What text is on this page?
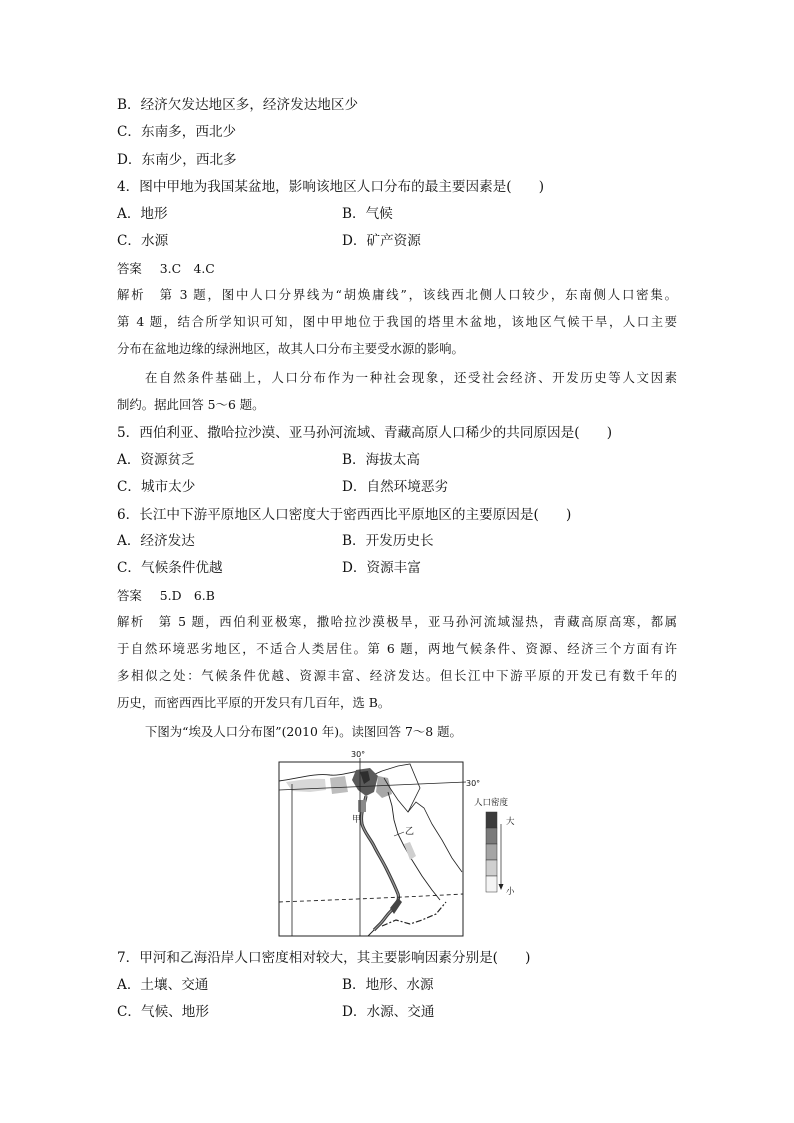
B．经济欠发达地区多，经济发达地区少
C．东南多，西北少
D．东南少，西北多
4．图中甲地为我国某盆地，影响该地区人口分布的最主要因素是(　　)
A．地形	B．气候
C．水源	D．矿产资源
答案 3.C　4.C
解析　第 3 题，图中人口分界线为“胡焕庸线”，该线西北侧人口较少，东南侧人口密集。
第 4 题，结合所学知识可知，图中甲地位于我国的塔里木盆地，该地区气候干旱，人口主要
分布在盆地边缘的绿洲地区，故其人口分布主要受水源的影响。
在自然条件基础上，人口分布作为一种社会现象，还受社会经济、开发历史等人文因素
制约。据此回答 5～6 题。
5．西伯利亚、撒哈拉沙漠、亚马孙河流域、青藏高原人口稀少的共同原因是(　　)
A．资源贫乏	B．海拔太高
C．城市太少	D．自然环境恶劣
6．长江中下游平原地区人口密度大于密西西比平原地区的主要原因是(　　)
A．经济发达	B．开发历史长
C．气候条件优越	D．资源丰富
答案 5.D　6.B
解析　第 5 题，西伯利亚极寒，撒哈拉沙漠极旱，亚马孙河流域湿热，青藏高原高寒，都属
于自然环境恶劣地区，不适合人类居住。第 6 题，两地气候条件、资源、经济三个方面有许
多相似之处：气候条件优越、资源丰富、经济发达。但长江中下游平原的开发已有数千年的
历史，而密西西比平原的开发只有几百年，选 B。
下图为“埃及人口分布图”(2010 年)。读图回答 7～8 题。
30°
30°
甲
乙
人口密度
大
小
7．甲河和乙海沿岸人口密度相对较大，其主要影响因素分别是(　　)
A．土壤、交通	B．地形、水源
C．气候、地形	D．水源、交通
